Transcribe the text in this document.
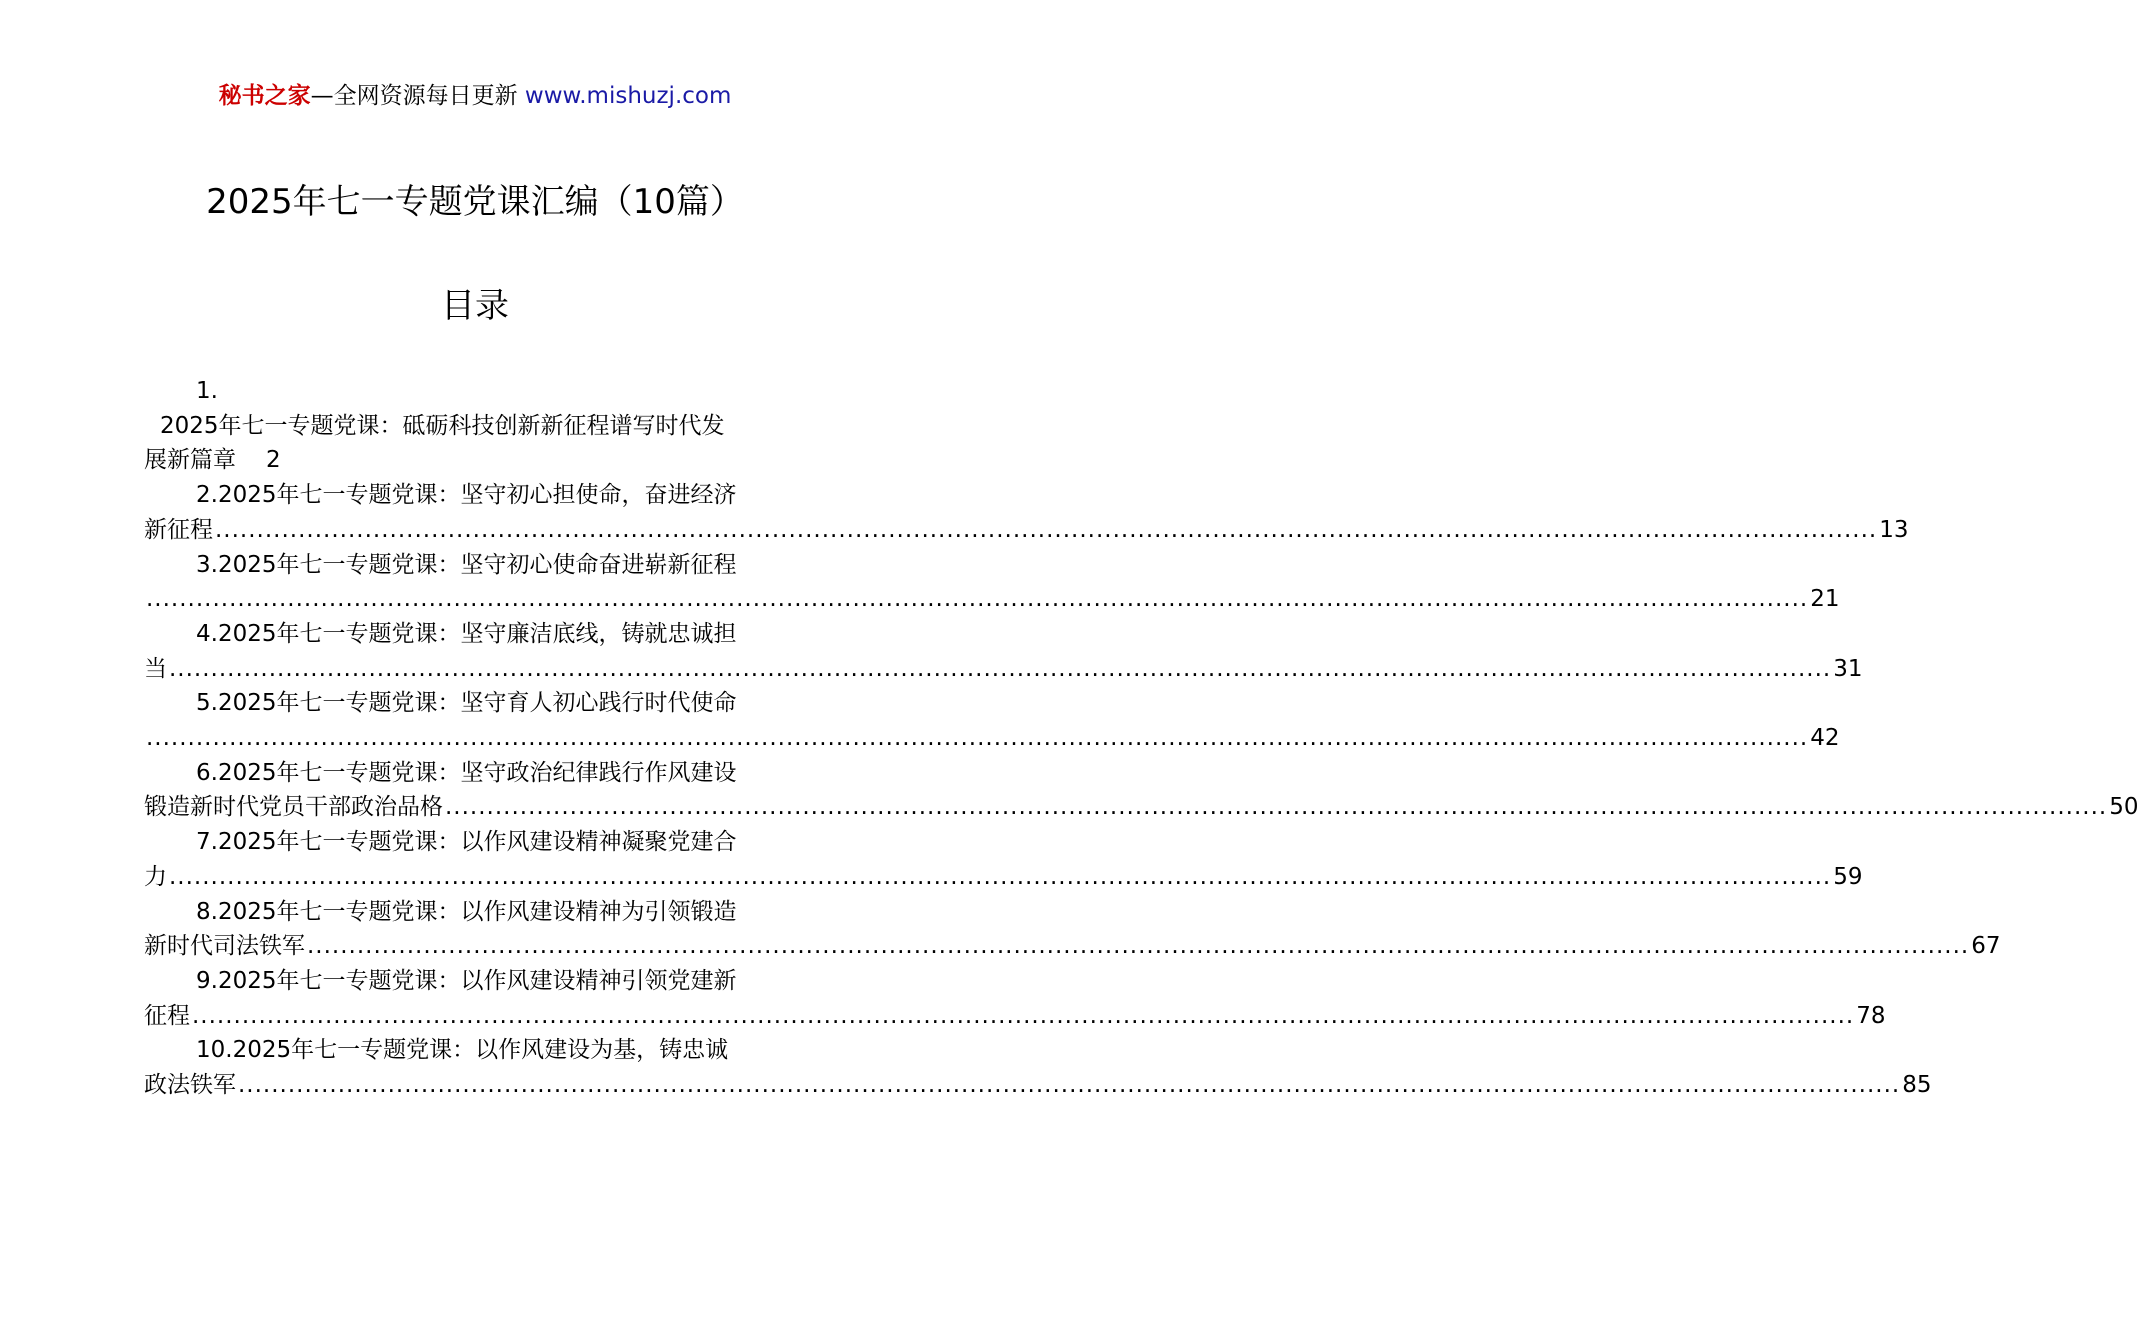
秘书之家—全网资源每日更新 www.mishuzj.com
2025年七一专题党课汇编（10篇）
目录
1.
2025年七一专题党课：砥砺科技创新新征程谱写时代发
展新篇章 2
2.2025年七一专题党课：坚守初心担使命，奋进经济
新征程 ........................................................................................................................................................................................................ 13
3.2025年七一专题党课：坚守初心使命奋进崭新征程
........................................................................................................................................................................................................ 21
4.2025年七一专题党课：坚守廉洁底线，铸就忠诚担
当 ........................................................................................................................................................................................................ 31
5.2025年七一专题党课：坚守育人初心践行时代使命
........................................................................................................................................................................................................ 42
6.2025年七一专题党课：坚守政治纪律践行作风建设
锻造新时代党员干部政治品格 ........................................................................................................................................................................................................ 50
7.2025年七一专题党课：以作风建设精神凝聚党建合
力 ........................................................................................................................................................................................................ 59
8.2025年七一专题党课：以作风建设精神为引领锻造
新时代司法铁军 ........................................................................................................................................................................................................ 67
9.2025年七一专题党课：以作风建设精神引领党建新
征程 ........................................................................................................................................................................................................ 78
10.2025年七一专题党课：以作风建设为基，铸忠诚
政法铁军 ........................................................................................................................................................................................................ 85
